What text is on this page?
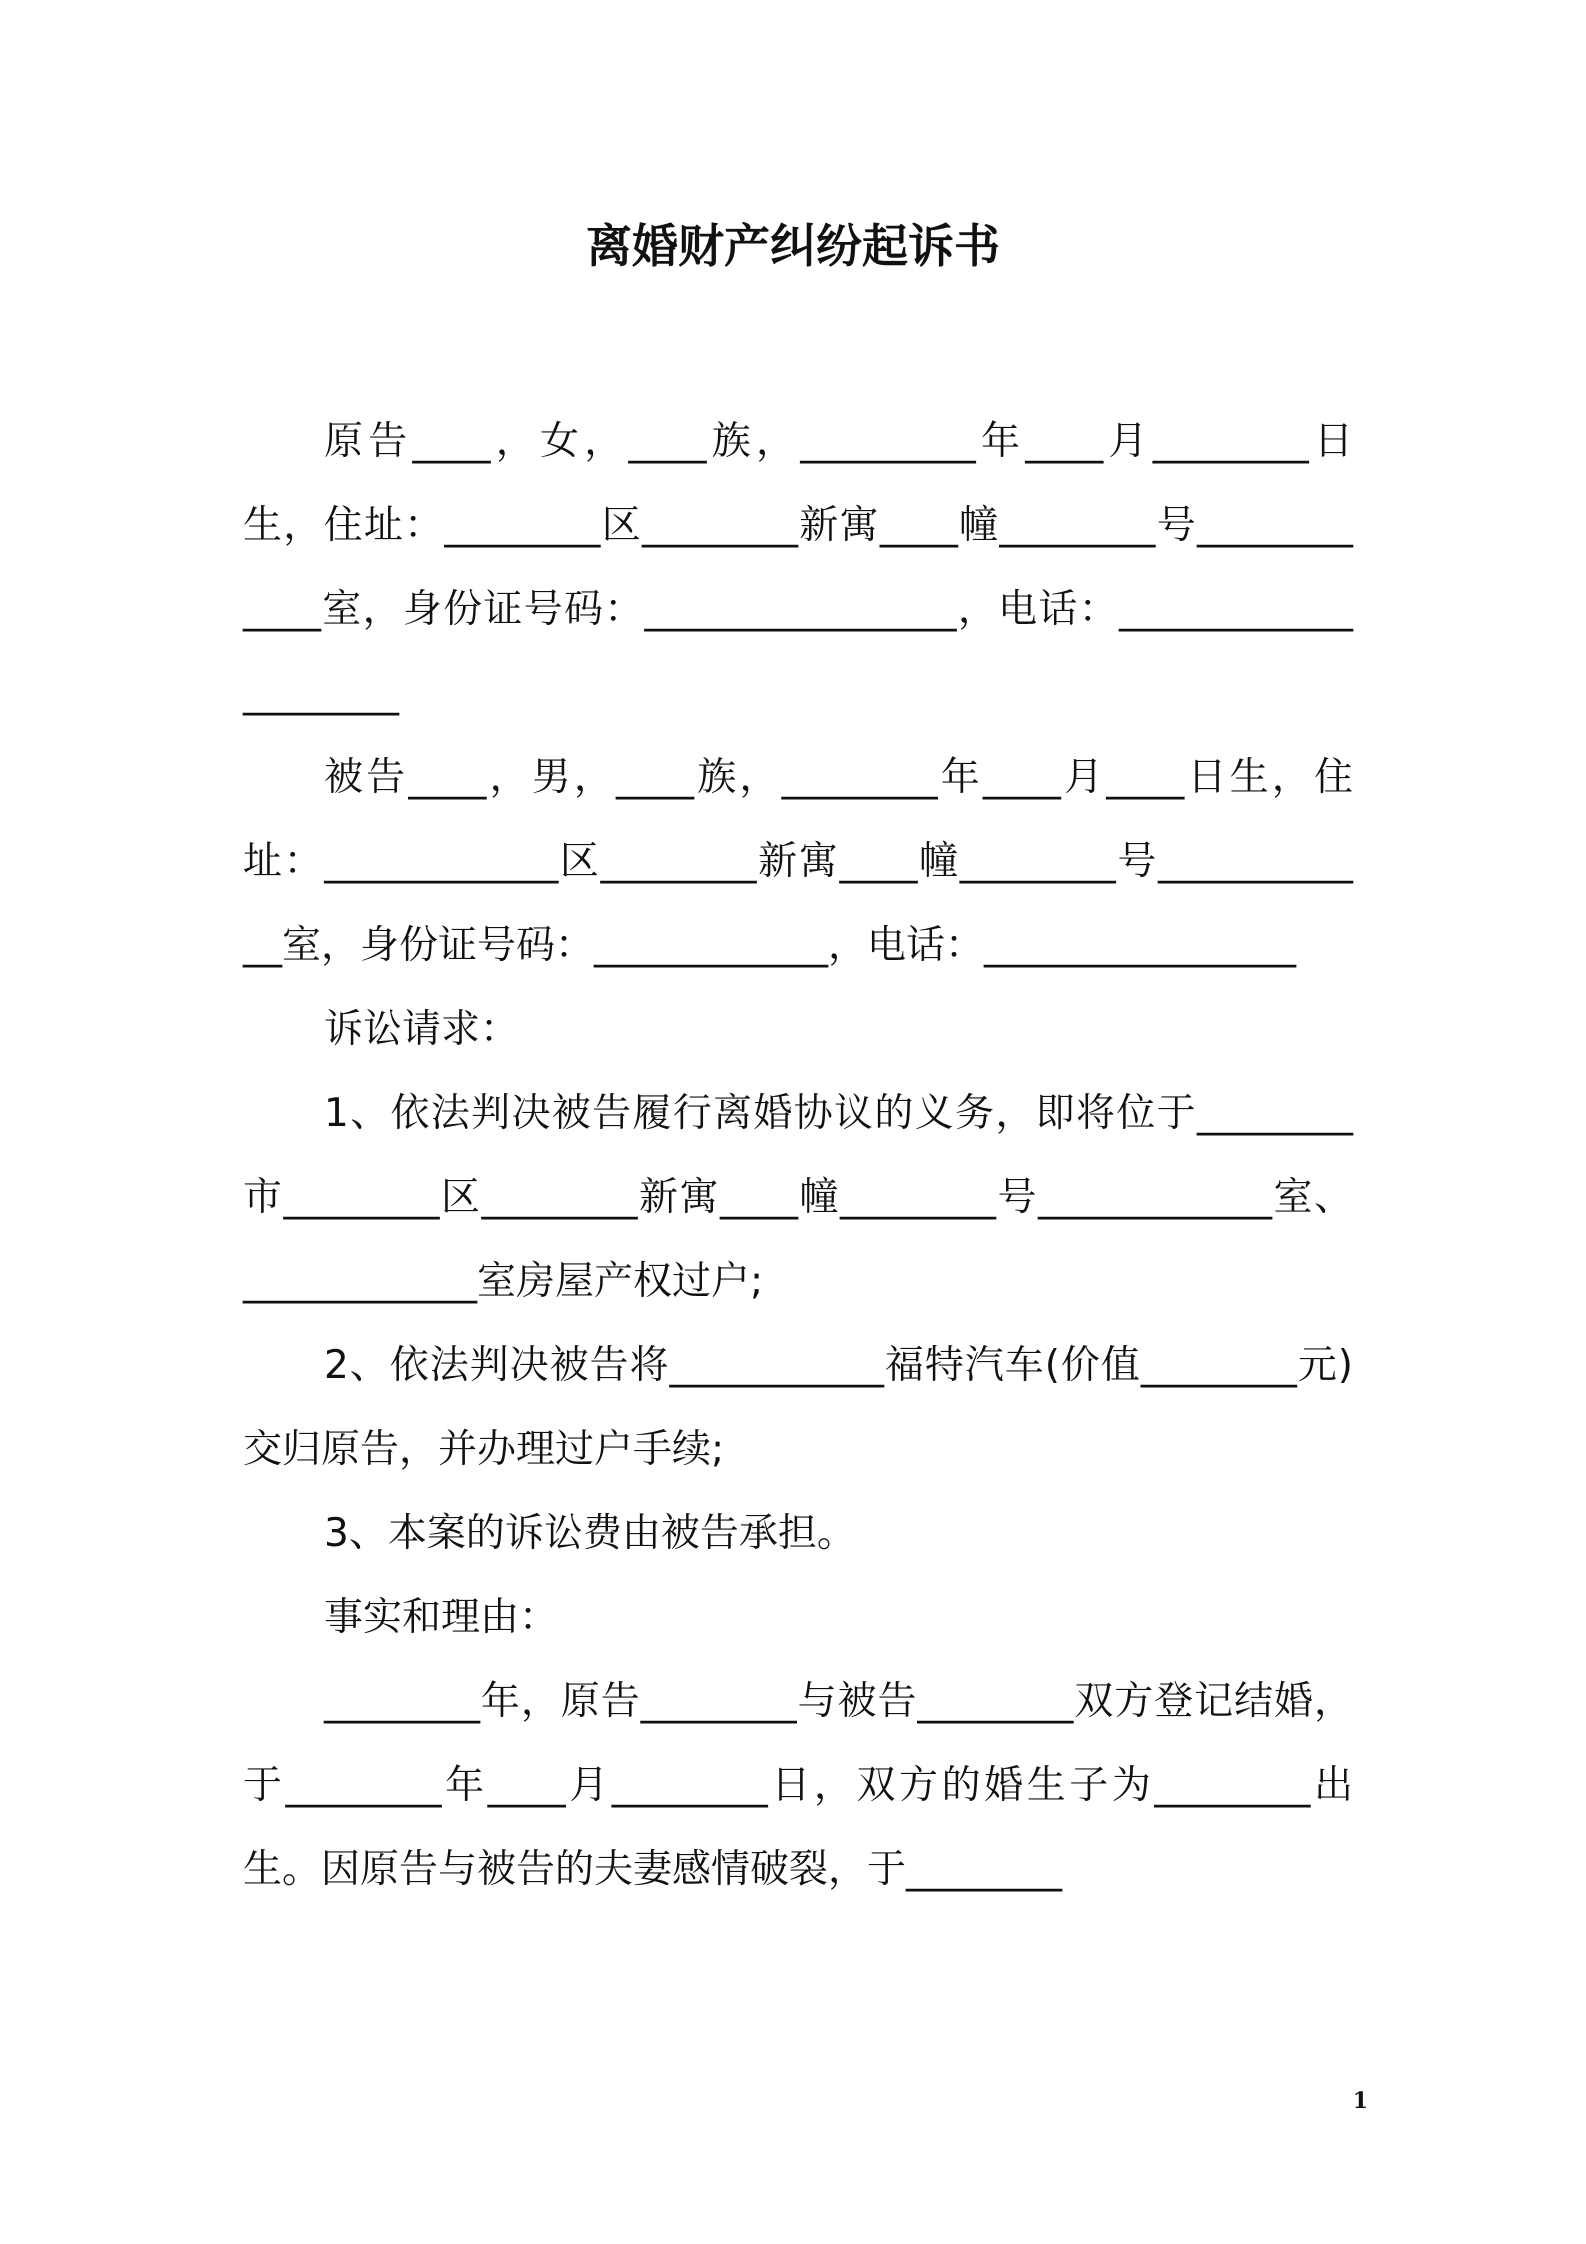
离婚财产纠纷起诉书

原告____，女，____族，_________年____月________日生，住址：________区________新寓____幢________号____________室，身份证号码：________________，电话：____________________

被告____，男，____族，________年____月____日生，住址：____________区________新寓____幢________号____________室，身份证号码：____________，电话：________________

诉讼请求：

1、依法判决被告履行离婚协议的义务，即将位于________市________区________新寓____幢________号____________室、____________室房屋产权过户;

2、依法判决被告将___________福特汽车(价值________元)交归原告，并办理过户手续;

3、本案的诉讼费由被告承担。

事实和理由：

________年，原告________与被告________双方登记结婚，于________年____月________日，双方的婚生子为________出生。因原告与被告的夫妻感情破裂，于________

1
